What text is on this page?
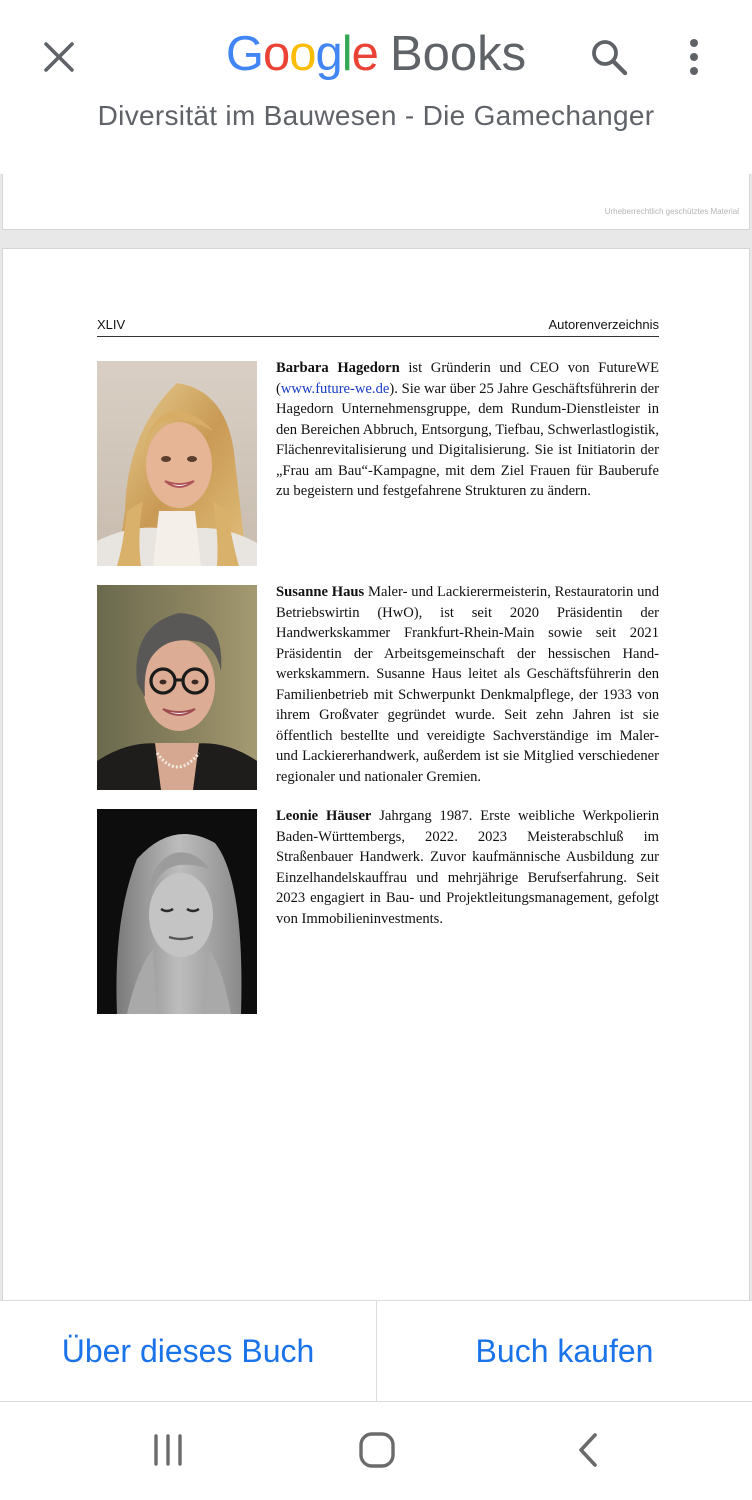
Google Books
Diversität im Bauwesen - Die Gamechanger
Urheberrechtlich geschütztes Material
XLIV	Autorenverzeichnis
Barbara Hagedorn ist Gründerin und CEO von FutureWE (www.future-we.de). Sie war über 25 Jahre Geschäftsführerin der Hagedorn Unternehmensgruppe, dem Rundum-Dienstleister in den Bereichen Abbruch, Entsorgung, Tiefbau, Schwerlastlogistik, Flächenrevitalisierung und Digitalisierung. Sie ist Initiatorin der „Frau am Bau“-Kampagne, mit dem Ziel Frauen für Bauberufe zu begeistern und festgefahrene Strukturen zu ändern.
Susanne Haus Maler- und Lackierermeisterin, Restauratorin und Betriebswirtin (HwO), ist seit 2020 Präsidentin der Handwerkskammer Frankfurt-Rhein-Main sowie seit 2021 Präsidentin der Arbeitsgemeinschaft der hessischen Handwerkskammern. Susanne Haus leitet als Geschäftsführerin den Familienbetrieb mit Schwerpunkt Denkmalpflege, der 1933 von ihrem Großvater gegründet wurde. Seit zehn Jahren ist sie öffentlich bestellte und vereidigte Sachverständige im Maler- und Lackiererhandwerk, außerdem ist sie Mitglied verschiedener regionaler und nationaler Gremien.
Leonie Häuser Jahrgang 1987. Erste weibliche Werkpolierin Baden-Württembergs, 2022. 2023 Meisterabschluß im Straßenbauer Handwerk. Zuvor kaufmännische Ausbildung zur Einzelhandelskauffrau und mehrjährige Berufserfahrung. Seit 2023 engagiert in Bau- und Projektleitungsmanagement, gefolgt von Immobilieninvestments.
Über dieses Buch	Buch kaufen
